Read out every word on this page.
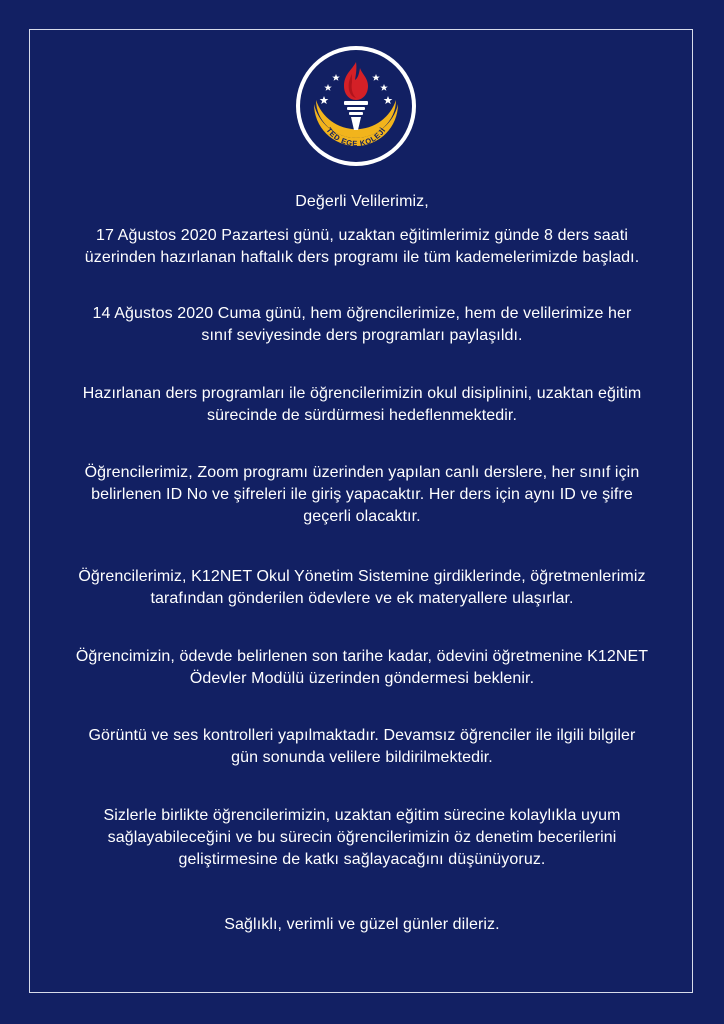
TED EGE KOLEJİ
Değerli Velilerimiz,
17 Ağustos 2020 Pazartesi günü, uzaktan eğitimlerimiz günde 8 ders saati
üzerinden hazırlanan haftalık ders programı ile tüm kademelerimizde başladı.
14 Ağustos 2020 Cuma günü, hem öğrencilerimize, hem de velilerimize her
sınıf seviyesinde ders programları paylaşıldı.
Hazırlanan ders programları ile öğrencilerimizin okul disiplinini, uzaktan eğitim
sürecinde de sürdürmesi hedeflenmektedir.
Öğrencilerimiz, Zoom programı üzerinden yapılan canlı derslere, her sınıf için
belirlenen ID No ve şifreleri ile giriş yapacaktır. Her ders için aynı ID ve şifre
geçerli olacaktır.
Öğrencilerimiz, K12NET Okul Yönetim Sistemine girdiklerinde, öğretmenlerimiz
tarafından gönderilen ödevlere ve ek materyallere ulaşırlar.
Öğrencimizin, ödevde belirlenen son tarihe kadar, ödevini öğretmenine K12NET
Ödevler Modülü üzerinden göndermesi beklenir.
Görüntü ve ses kontrolleri yapılmaktadır. Devamsız öğrenciler ile ilgili bilgiler
gün sonunda velilere bildirilmektedir.
Sizlerle birlikte öğrencilerimizin, uzaktan eğitim sürecine kolaylıkla uyum
sağlayabileceğini ve bu sürecin öğrencilerimizin öz denetim becerilerini
geliştirmesine de katkı sağlayacağını düşünüyoruz.
Sağlıklı, verimli ve güzel günler dileriz.
